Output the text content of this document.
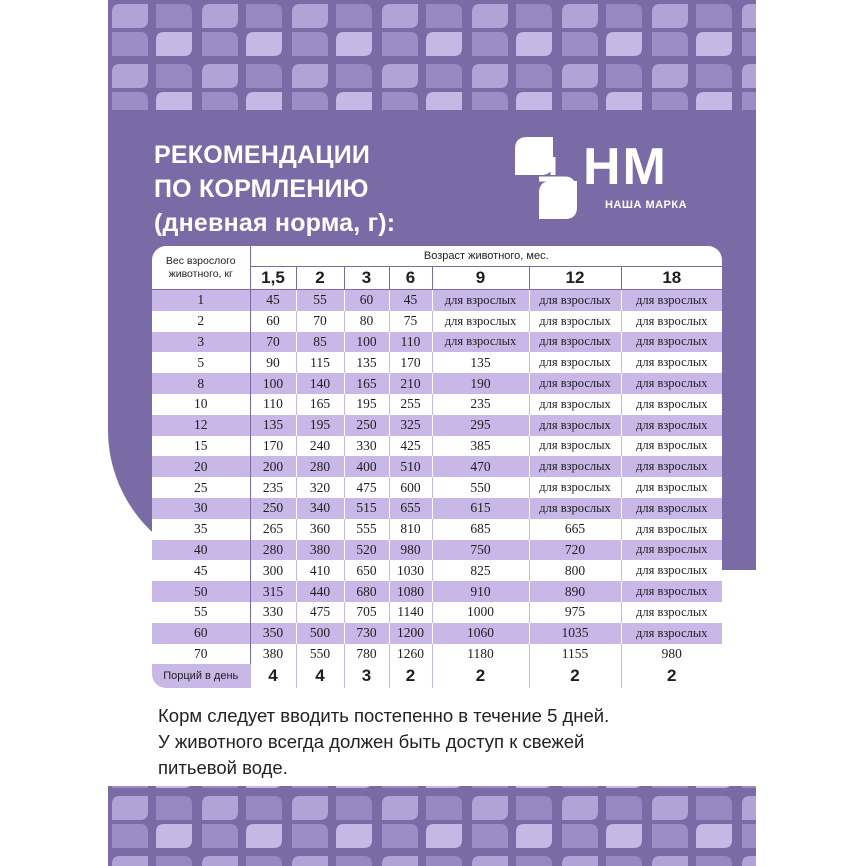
РЕКОМЕНДАЦИИ
ПО КОРМЛЕНИЮ
(дневная норма, г):
НМ
НАША МАРКА
Вес взрослого
животного, кг	Возраст животного, мес.						
	1,5	2	3	6	9	12	18
1	45	55	60	45	для взрослых	для взрослых	для взрослых
2	60	70	80	75	для взрослых	для взрослых	для взрослых
3	70	85	100	110	для взрослых	для взрослых	для взрослых
5	90	115	135	170	135	для взрослых	для взрослых
8	100	140	165	210	190	для взрослых	для взрослых
10	110	165	195	255	235	для взрослых	для взрослых
12	135	195	250	325	295	для взрослых	для взрослых
15	170	240	330	425	385	для взрослых	для взрослых
20	200	280	400	510	470	для взрослых	для взрослых
25	235	320	475	600	550	для взрослых	для взрослых
30	250	340	515	655	615	для взрослых	для взрослых
35	265	360	555	810	685	665	для взрослых
40	280	380	520	980	750	720	для взрослых
45	300	410	650	1030	825	800	для взрослых
50	315	440	680	1080	910	890	для взрослых
55	330	475	705	1140	1000	975	для взрослых
60	350	500	730	1200	1060	1035	для взрослых
70	380	550	780	1260	1180	1155	980
Порций в день	4	4	3	2	2	2	2
Корм следует вводить постепенно в течение 5 дней.
У животного всегда должен быть доступ к свежей
питьевой воде.
